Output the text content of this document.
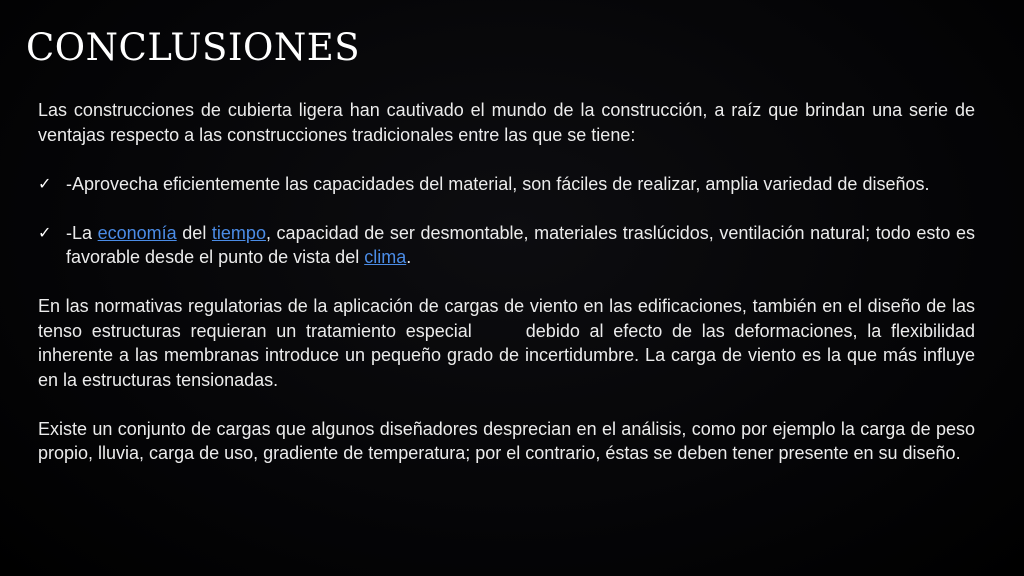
CONCLUSIONES

Las construcciones de cubierta ligera han cautivado el mundo de la construcción, a raíz que brindan una serie de ventajas respecto a las construcciones tradicionales entre las que se tiene:

✓ -Aprovecha eficientemente las capacidades del material, son fáciles de realizar, amplia variedad de diseños.

✓ -La economía del tiempo, capacidad de ser desmontable, materiales traslúcidos, ventilación natural; todo esto es favorable desde el punto de vista del clima.

En las normativas regulatorias de la aplicación de cargas de viento en las edificaciones, también en el diseño de las tenso estructuras requieran un tratamiento especial	debido al efecto de las deformaciones, la flexibilidad inherente a las membranas introduce un pequeño grado de incertidumbre. La carga de viento es la que más influye en la estructuras tensionadas.

Existe un conjunto de cargas que algunos diseñadores desprecian en el análisis, como por ejemplo la carga de peso propio, lluvia, carga de uso, gradiente de temperatura; por el contrario, éstas se deben tener presente en su diseño.
